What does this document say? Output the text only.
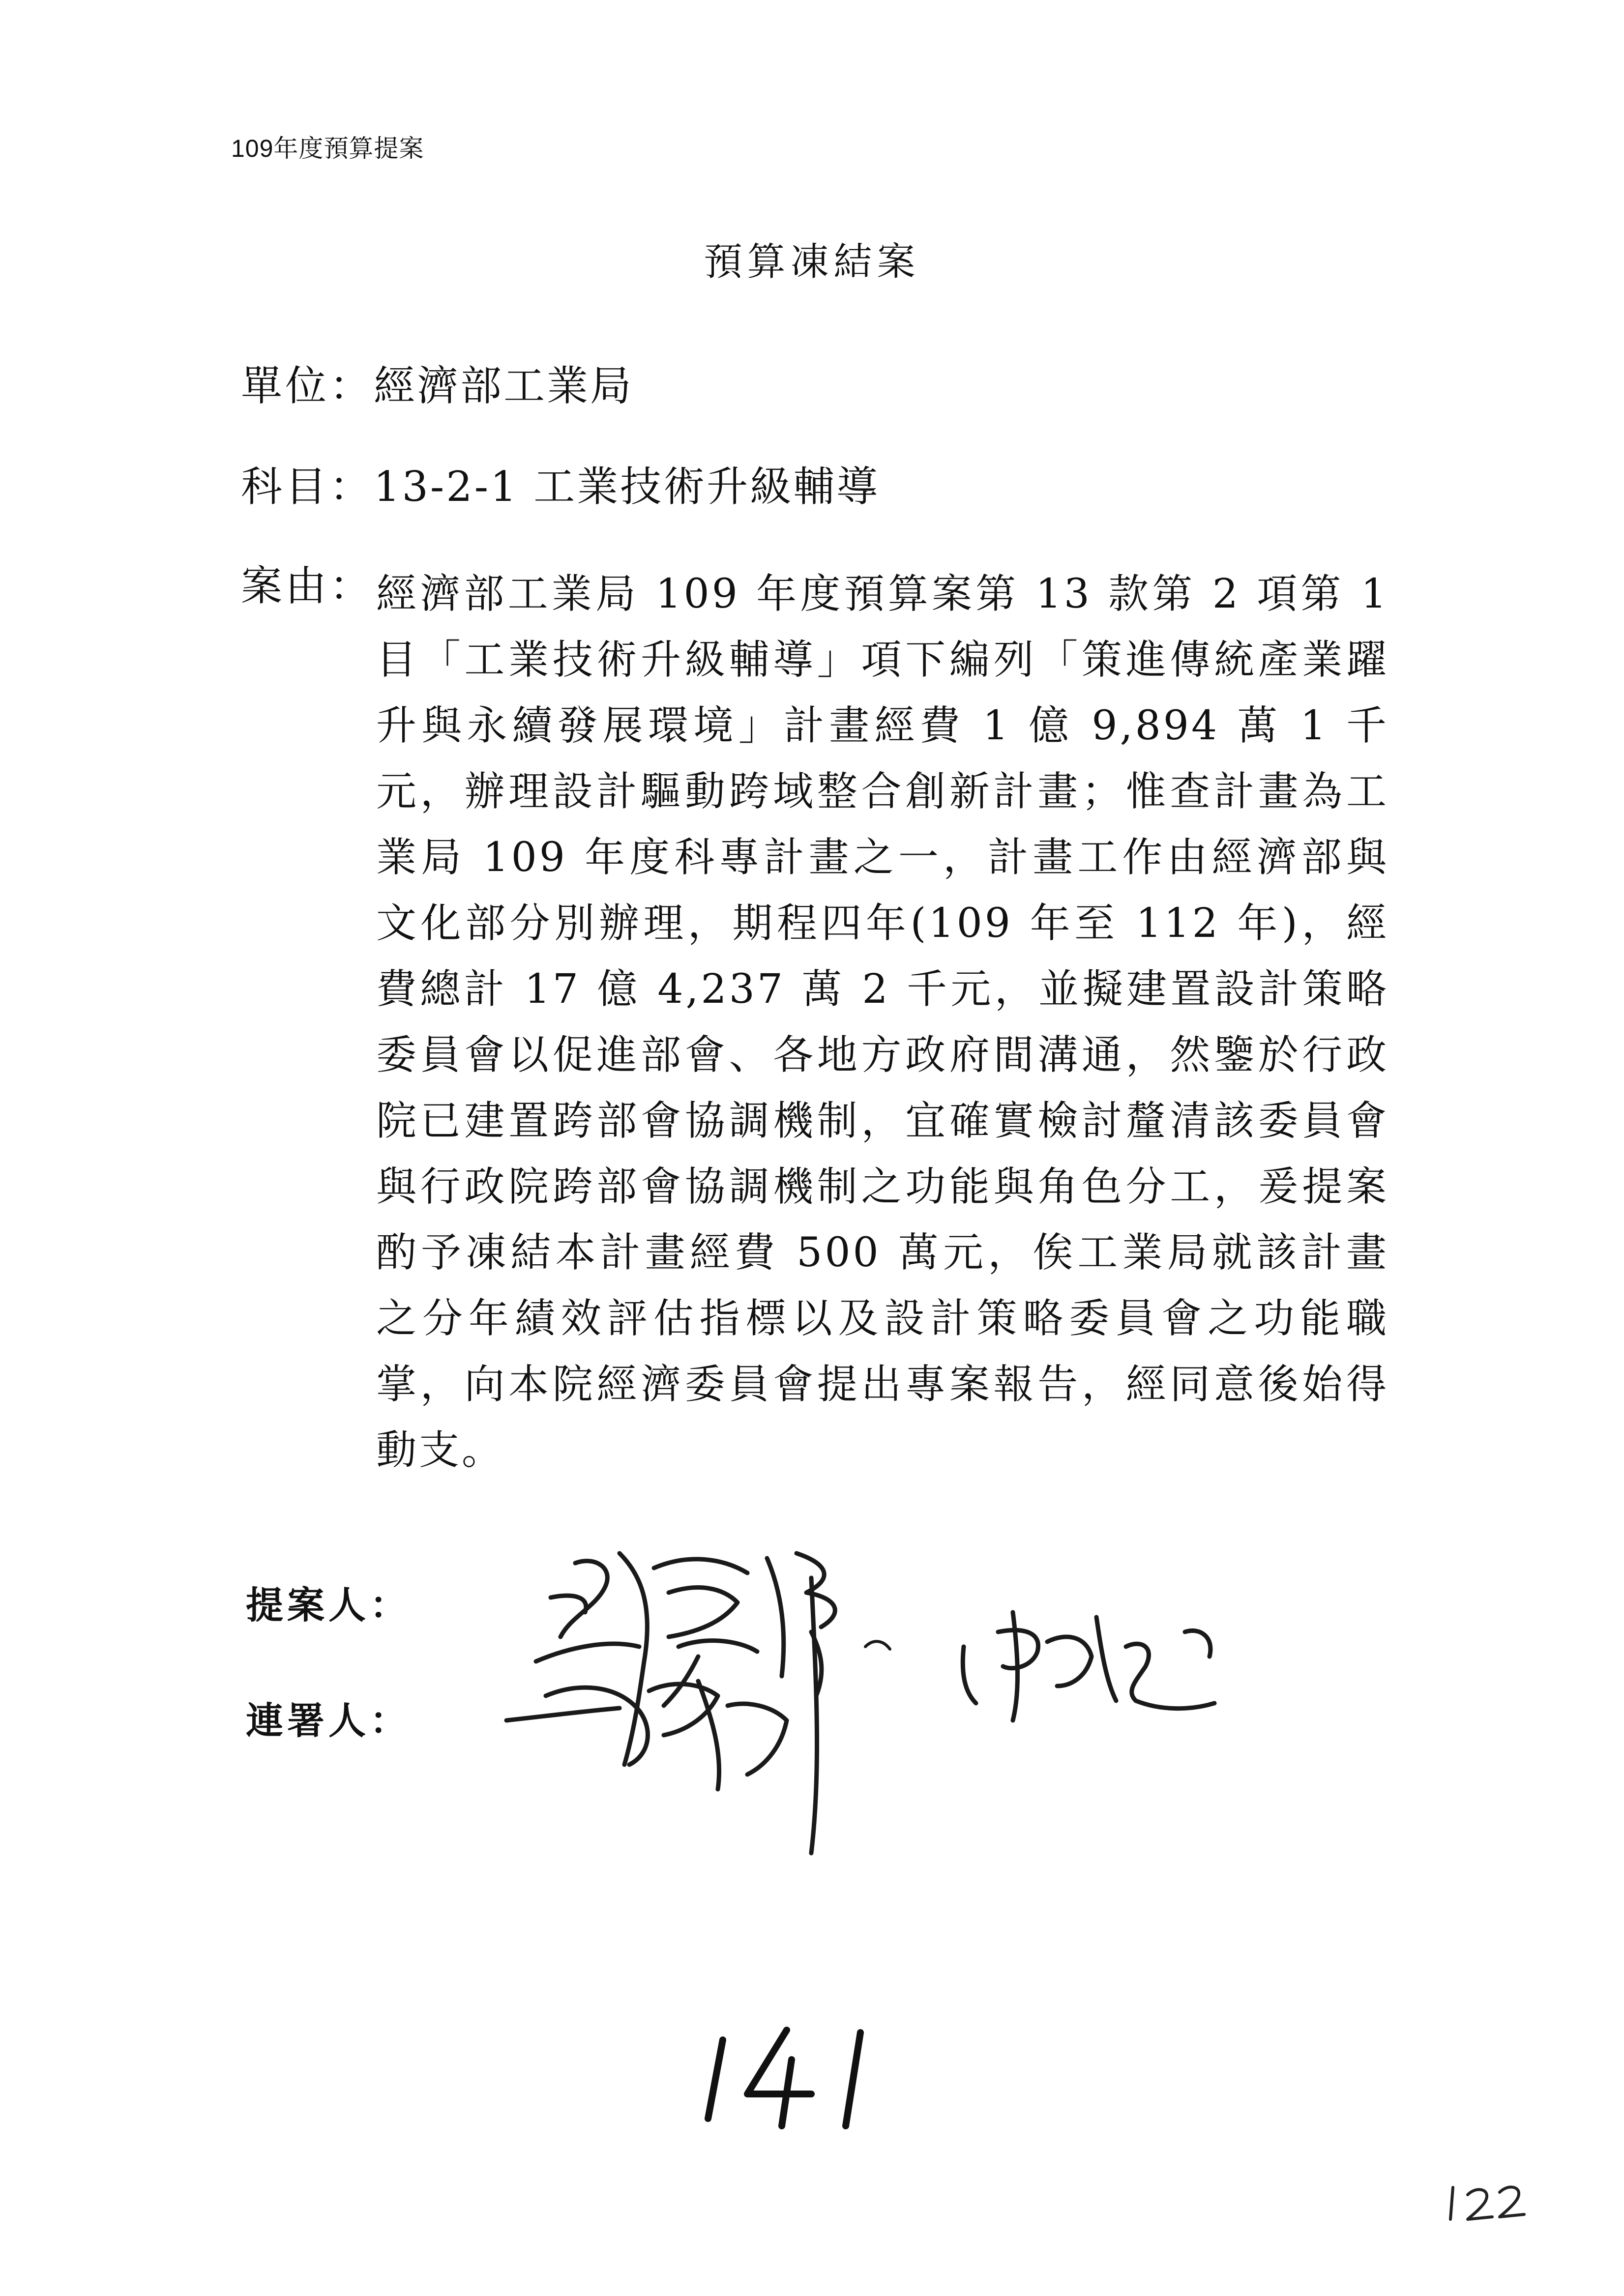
109年度預算提案
預算凍結案
單位：經濟部工業局
科目：13-2-1 工業技術升級輔導
案由： 經濟部工業局 109 年度預算案第 13 款第 2 項第 1 目「工業技術升級輔導」項下編列「策進傳統產業躍升與永續發展環境」計畫經費 1 億 9,894 萬 1 千元，辦理設計驅動跨域整合創新計畫；惟查計畫為工業局 109 年度科專計畫之一，計畫工作由經濟部與文化部分別辦理，期程四年(109 年至 112 年)，經費總計 17 億 4,237 萬 2 千元，並擬建置設計策略委員會以促進部會、各地方政府間溝通，然鑒於行政院已建置跨部會協調機制，宜確實檢討釐清該委員會與行政院跨部會協調機制之功能與角色分工，爰提案酌予凍結本計畫經費 500 萬元，俟工業局就該計畫之分年績效評估指標以及設計策略委員會之功能職掌，向本院經濟委員會提出專案報告，經同意後始得動支。
提案人：
連署人：
